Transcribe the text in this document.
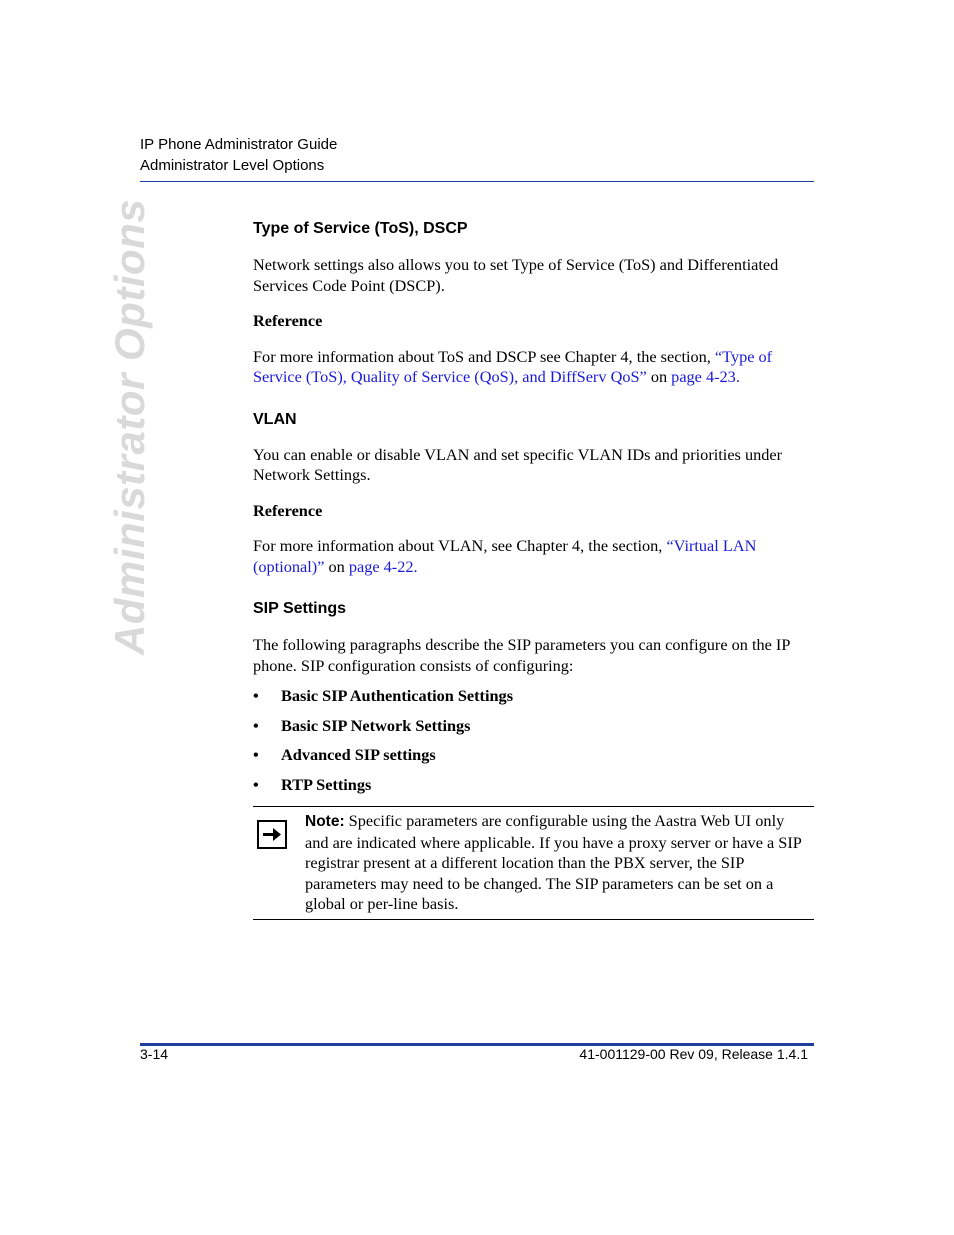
IP Phone Administrator Guide
Administrator Level Options
Administrator Options	Type of Service (ToS), DSCP

Network settings also allows you to set Type of Service (ToS) and Differentiated Services Code Point (DSCP).

Reference

For more information about ToS and DSCP see Chapter 4, the section, “Type of Service (ToS), Quality of Service (QoS), and DiffServ QoS” on page 4-23.

VLAN

You can enable or disable VLAN and set specific VLAN IDs and priorities under Network Settings.

Reference

For more information about VLAN, see Chapter 4, the section, “Virtual LAN (optional)” on page 4-22.

SIP Settings

The following paragraphs describe the SIP parameters you can configure on the IP phone. SIP configuration consists of configuring:

• Basic SIP Authentication Settings
• Basic SIP Network Settings
• Advanced SIP settings
• RTP Settings
Note: Specific parameters are configurable using the Aastra Web UI only and are indicated where applicable. If you have a proxy server or have a SIP registrar present at a different location than the PBX server, the SIP parameters may need to be changed. The SIP parameters can be set on a global or per-line basis.
3-14	41-001129-00 Rev 09, Release 1.4.1
